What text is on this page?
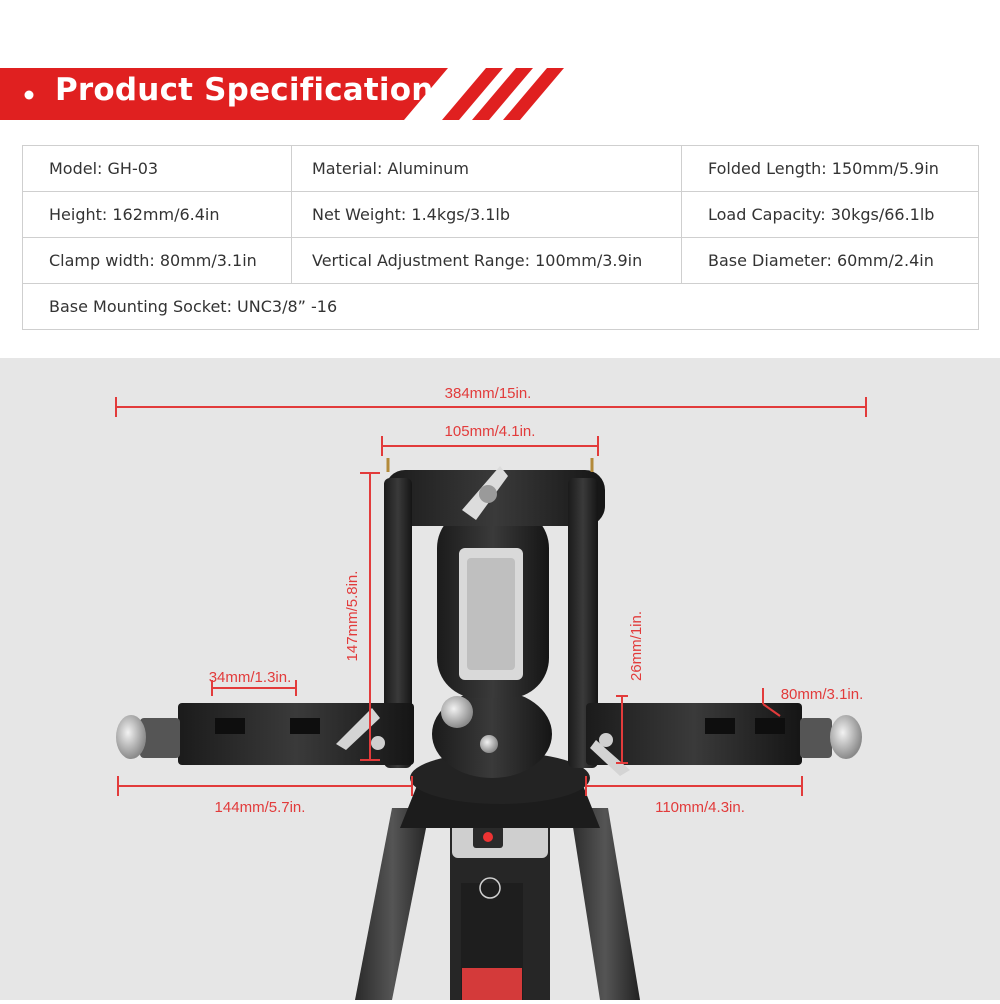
Product Specifications
Model: GH-03	Material: Aluminum	Folded Length: 150mm/5.9in
Height: 162mm/6.4in	Net Weight: 1.4kgs/3.1lb	Load Capacity: 30kgs/66.1lb
Clamp width: 80mm/3.1in	Vertical Adjustment Range: 100mm/3.9in	Base Diameter: 60mm/2.4in
Base Mounting Socket: UNC3/8” -16		
384mm/15in.
105mm/4.1in.
147mm/5.8in.	26mm/1in.
34mm/1.3in.
80mm/3.1in.
144mm/5.7in.	110mm/4.3in.
